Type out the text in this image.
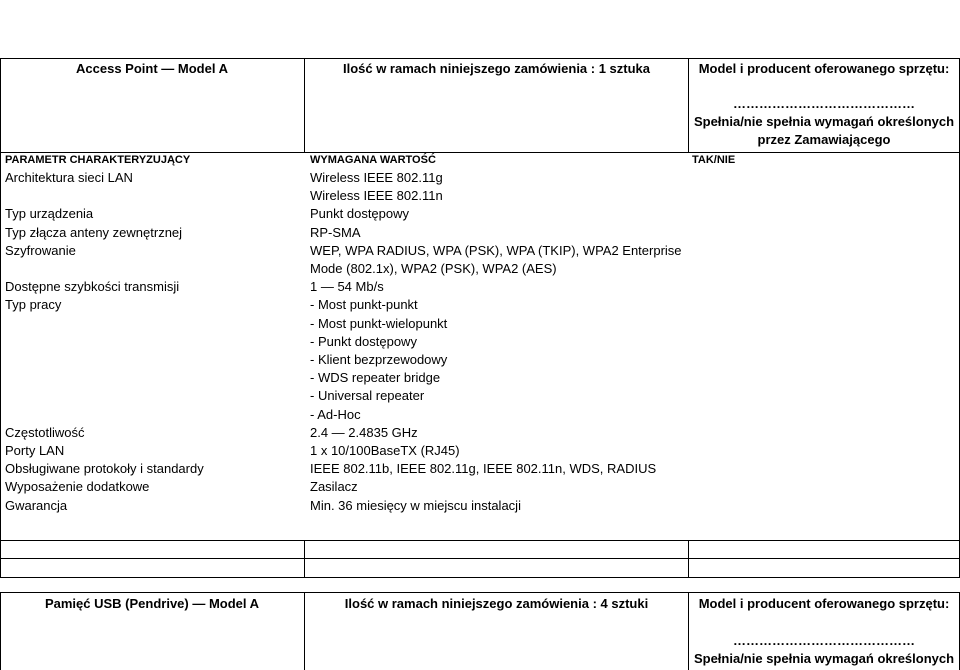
Access Point — Model A	Ilość w ramach niniejszego zamówienia : 1 sztuka	Model i producent oferowanego sprzętu:
……………………………………
Spełnia/nie spełnia wymagań określonych
przez Zamawiającego
PARAMETR CHARAKTERYZUJĄCY	WYMAGANA WARTOŚĆ	TAK/NIE
Architektura sieci LAN	Wireless IEEE 802.11g
Wireless IEEE 802.11n
Typ urządzenia	Punkt dostępowy
Typ złącza anteny zewnętrznej	RP-SMA
Szyfrowanie	WEP, WPA RADIUS, WPA (PSK), WPA (TKIP), WPA2 Enterprise
Mode (802.1x), WPA2 (PSK), WPA2 (AES)
Dostępne szybkości transmisji	1 — 54 Mb/s
Typ pracy	- Most punkt-punkt
- Most punkt-wielopunkt
- Punkt dostępowy
- Klient bezprzewodowy
- WDS repeater bridge
- Universal repeater
- Ad-Hoc
Częstotliwość	2.4 — 2.4835 GHz
Porty LAN	1 x 10/100BaseTX (RJ45)
Obsługiwane protokoły i standardy	IEEE 802.11b, IEEE 802.11g, IEEE 802.11n, WDS, RADIUS
Wyposażenie dodatkowe	Zasilacz
Gwarancja	Min. 36 miesięcy w miejscu instalacji
Pamięć USB (Pendrive) — Model A	Ilość w ramach niniejszego zamówienia : 4 sztuki	Model i producent oferowanego sprzętu:
……………………………………
Spełnia/nie spełnia wymagań określonych
